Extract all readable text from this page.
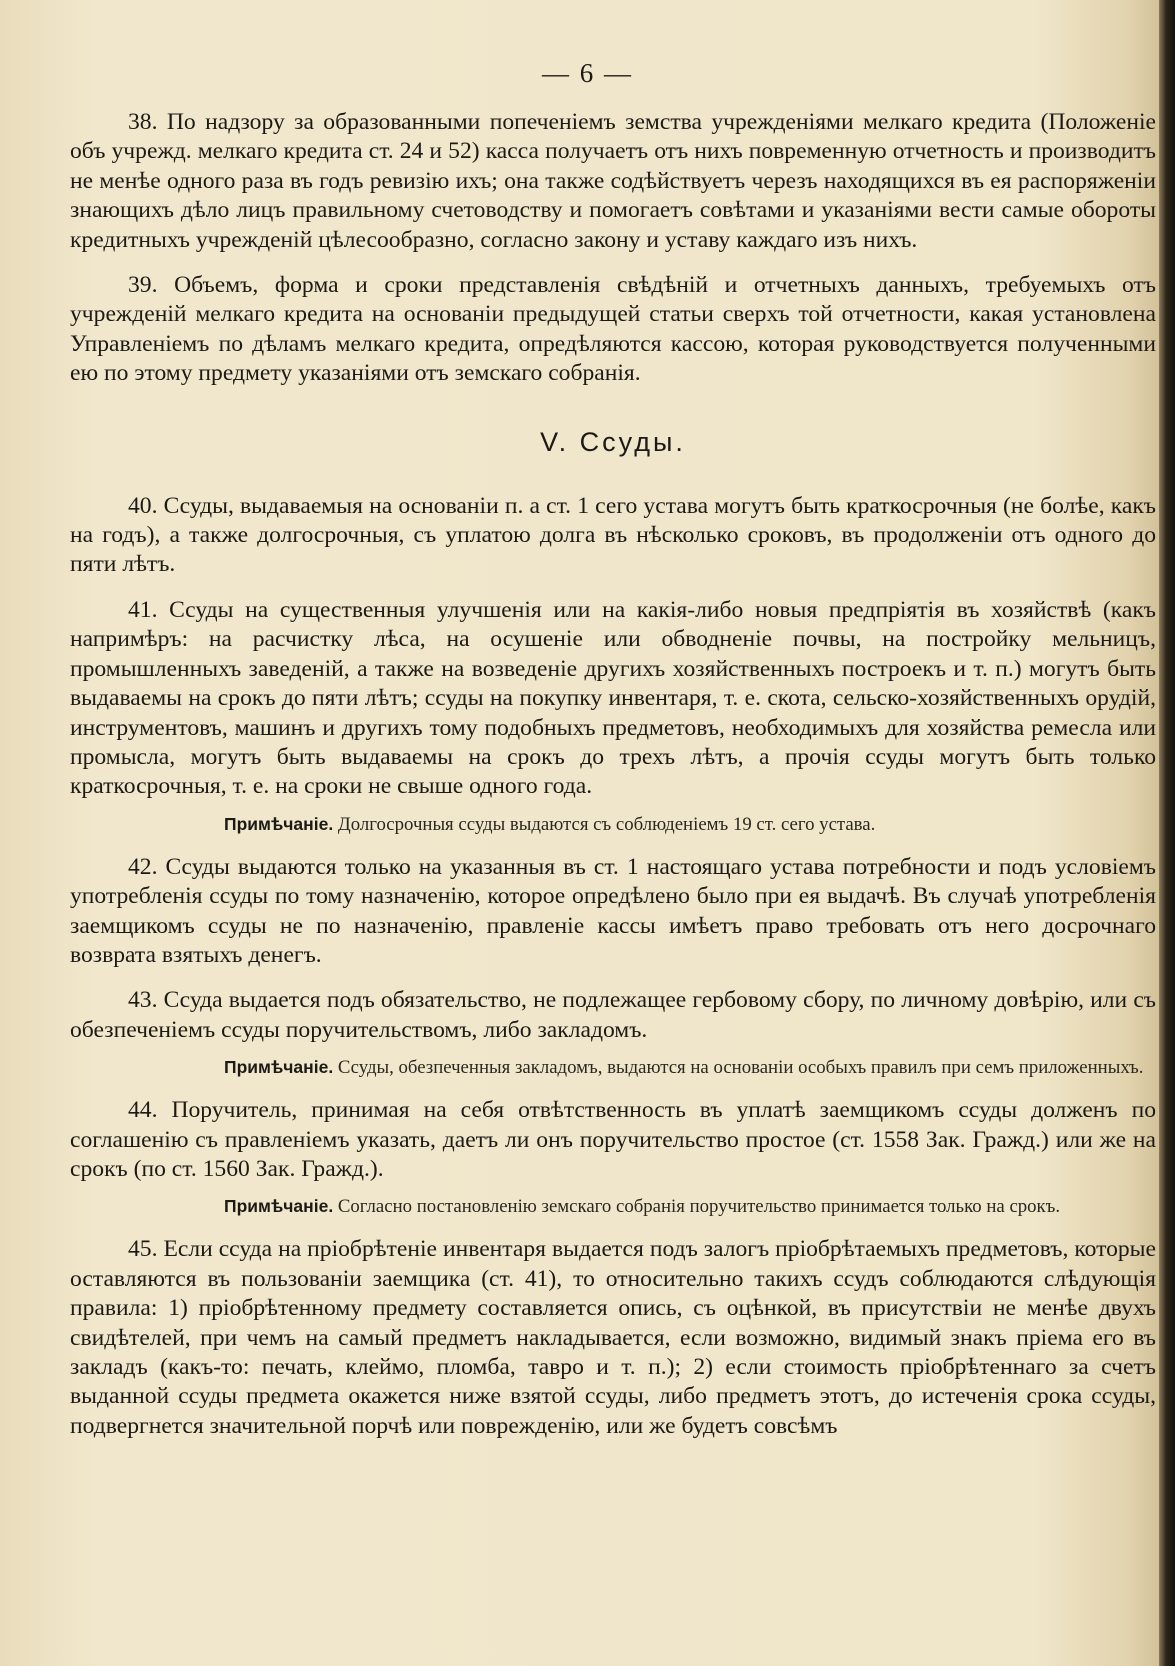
— 6 —

38. По надзору за образованными попеченіемъ земства учрежденіями мелкаго кредита (Положеніе объ учрежд. мелкаго кредита ст. 24 и 52) касса получаетъ отъ нихъ повременную отчетность и производитъ не менѣе одного раза въ годъ ревизію ихъ; она также содѣйствуетъ черезъ находящихся въ ея распоряженіи знающихъ дѣло лицъ правильному счетоводству и помогаетъ совѣтами и указаніями вести самые обороты кредитныхъ учрежденій цѣлесообразно, согласно закону и уставу каждаго изъ нихъ.

39. Объемъ, форма и сроки представленія свѣдѣній и отчетныхъ данныхъ, требуемыхъ отъ учрежденій мелкаго кредита на основаніи предыдущей статьи сверхъ той отчетности, какая установлена Управленіемъ по дѣламъ мелкаго кредита, опредѣляются кассою, которая руководствуется полученными ею по этому предмету указаніями отъ земскаго собранія.

V. Ссуды.

40. Ссуды, выдаваемыя на основаніи п. а ст. 1 сего устава могутъ быть краткосрочныя (не болѣе, какъ на годъ), а также долгосрочныя, съ уплатою долга въ нѣсколько сроковъ, въ продолженіи отъ одного до пяти лѣтъ.

41. Ссуды на существенныя улучшенія или на какія-либо новыя предпріятія въ хозяйствѣ (какъ напримѣръ: на расчистку лѣса, на осушеніе или обводненіе почвы, на постройку мельницъ, промышленныхъ заведеній, а также на возведеніе другихъ хозяйственныхъ построекъ и т. п.) могутъ быть выдаваемы на срокъ до пяти лѣтъ; ссуды на покупку инвентаря, т. е. скота, сельско-хозяйственныхъ орудій, инструментовъ, машинъ и другихъ тому подобныхъ предметовъ, необходимыхъ для хозяйства ремесла или промысла, могутъ быть выдаваемы на срокъ до трехъ лѣтъ, а прочія ссуды могутъ быть только краткосрочныя, т. е. на сроки не свыше одного года.

Примѣчаніе. Долгосрочныя ссуды выдаются съ соблюденіемъ 19 ст. сего устава.

42. Ссуды выдаются только на указанныя въ ст. 1 настоящаго устава потребности и подъ условіемъ употребленія ссуды по тому назначенію, которое опредѣлено было при ея выдачѣ. Въ случаѣ употребленія заемщикомъ ссуды не по назначенію, правленіе кассы имѣетъ право требовать отъ него досрочнаго возврата взятыхъ денегъ.

43. Ссуда выдается подъ обязательство, не подлежащее гербовому сбору, по личному довѣрію, или съ обезпеченіемъ ссуды поручительствомъ, либо закладомъ.

Примѣчаніе. Ссуды, обезпеченныя закладомъ, выдаются на основаніи особыхъ правилъ при семъ приложенныхъ.

44. Поручитель, принимая на себя отвѣтственность въ уплатѣ заемщикомъ ссуды долженъ по соглашенію съ правленіемъ указать, даетъ ли онъ поручительство простое (ст. 1558 Зак. Гражд.) или же на срокъ (по ст. 1560 Зак. Гражд.).

Примѣчаніе. Согласно постановленію земскаго собранія поручительство принимается только на срокъ.

45. Если ссуда на пріобрѣтеніе инвентаря выдается подъ залогъ пріобрѣтаемыхъ предметовъ, которые оставляются въ пользованіи заемщика (ст. 41), то относительно такихъ ссудъ соблюдаются слѣдующія правила: 1) пріобрѣтенному предмету составляется опись, съ оцѣнкой, въ присутствіи не менѣе двухъ свидѣтелей, при чемъ на самый предметъ накладывается, если возможно, видимый знакъ пріема его въ закладъ (какъ-то: печать, клеймо, пломба, тавро и т. п.); 2) если стоимость пріобрѣтеннаго за счетъ выданной ссуды предмета окажется ниже взятой ссуды, либо предметъ этотъ, до истеченія срока ссуды, подвергнется значительной порчѣ или поврежденію, или же будетъ совсѣмъ
